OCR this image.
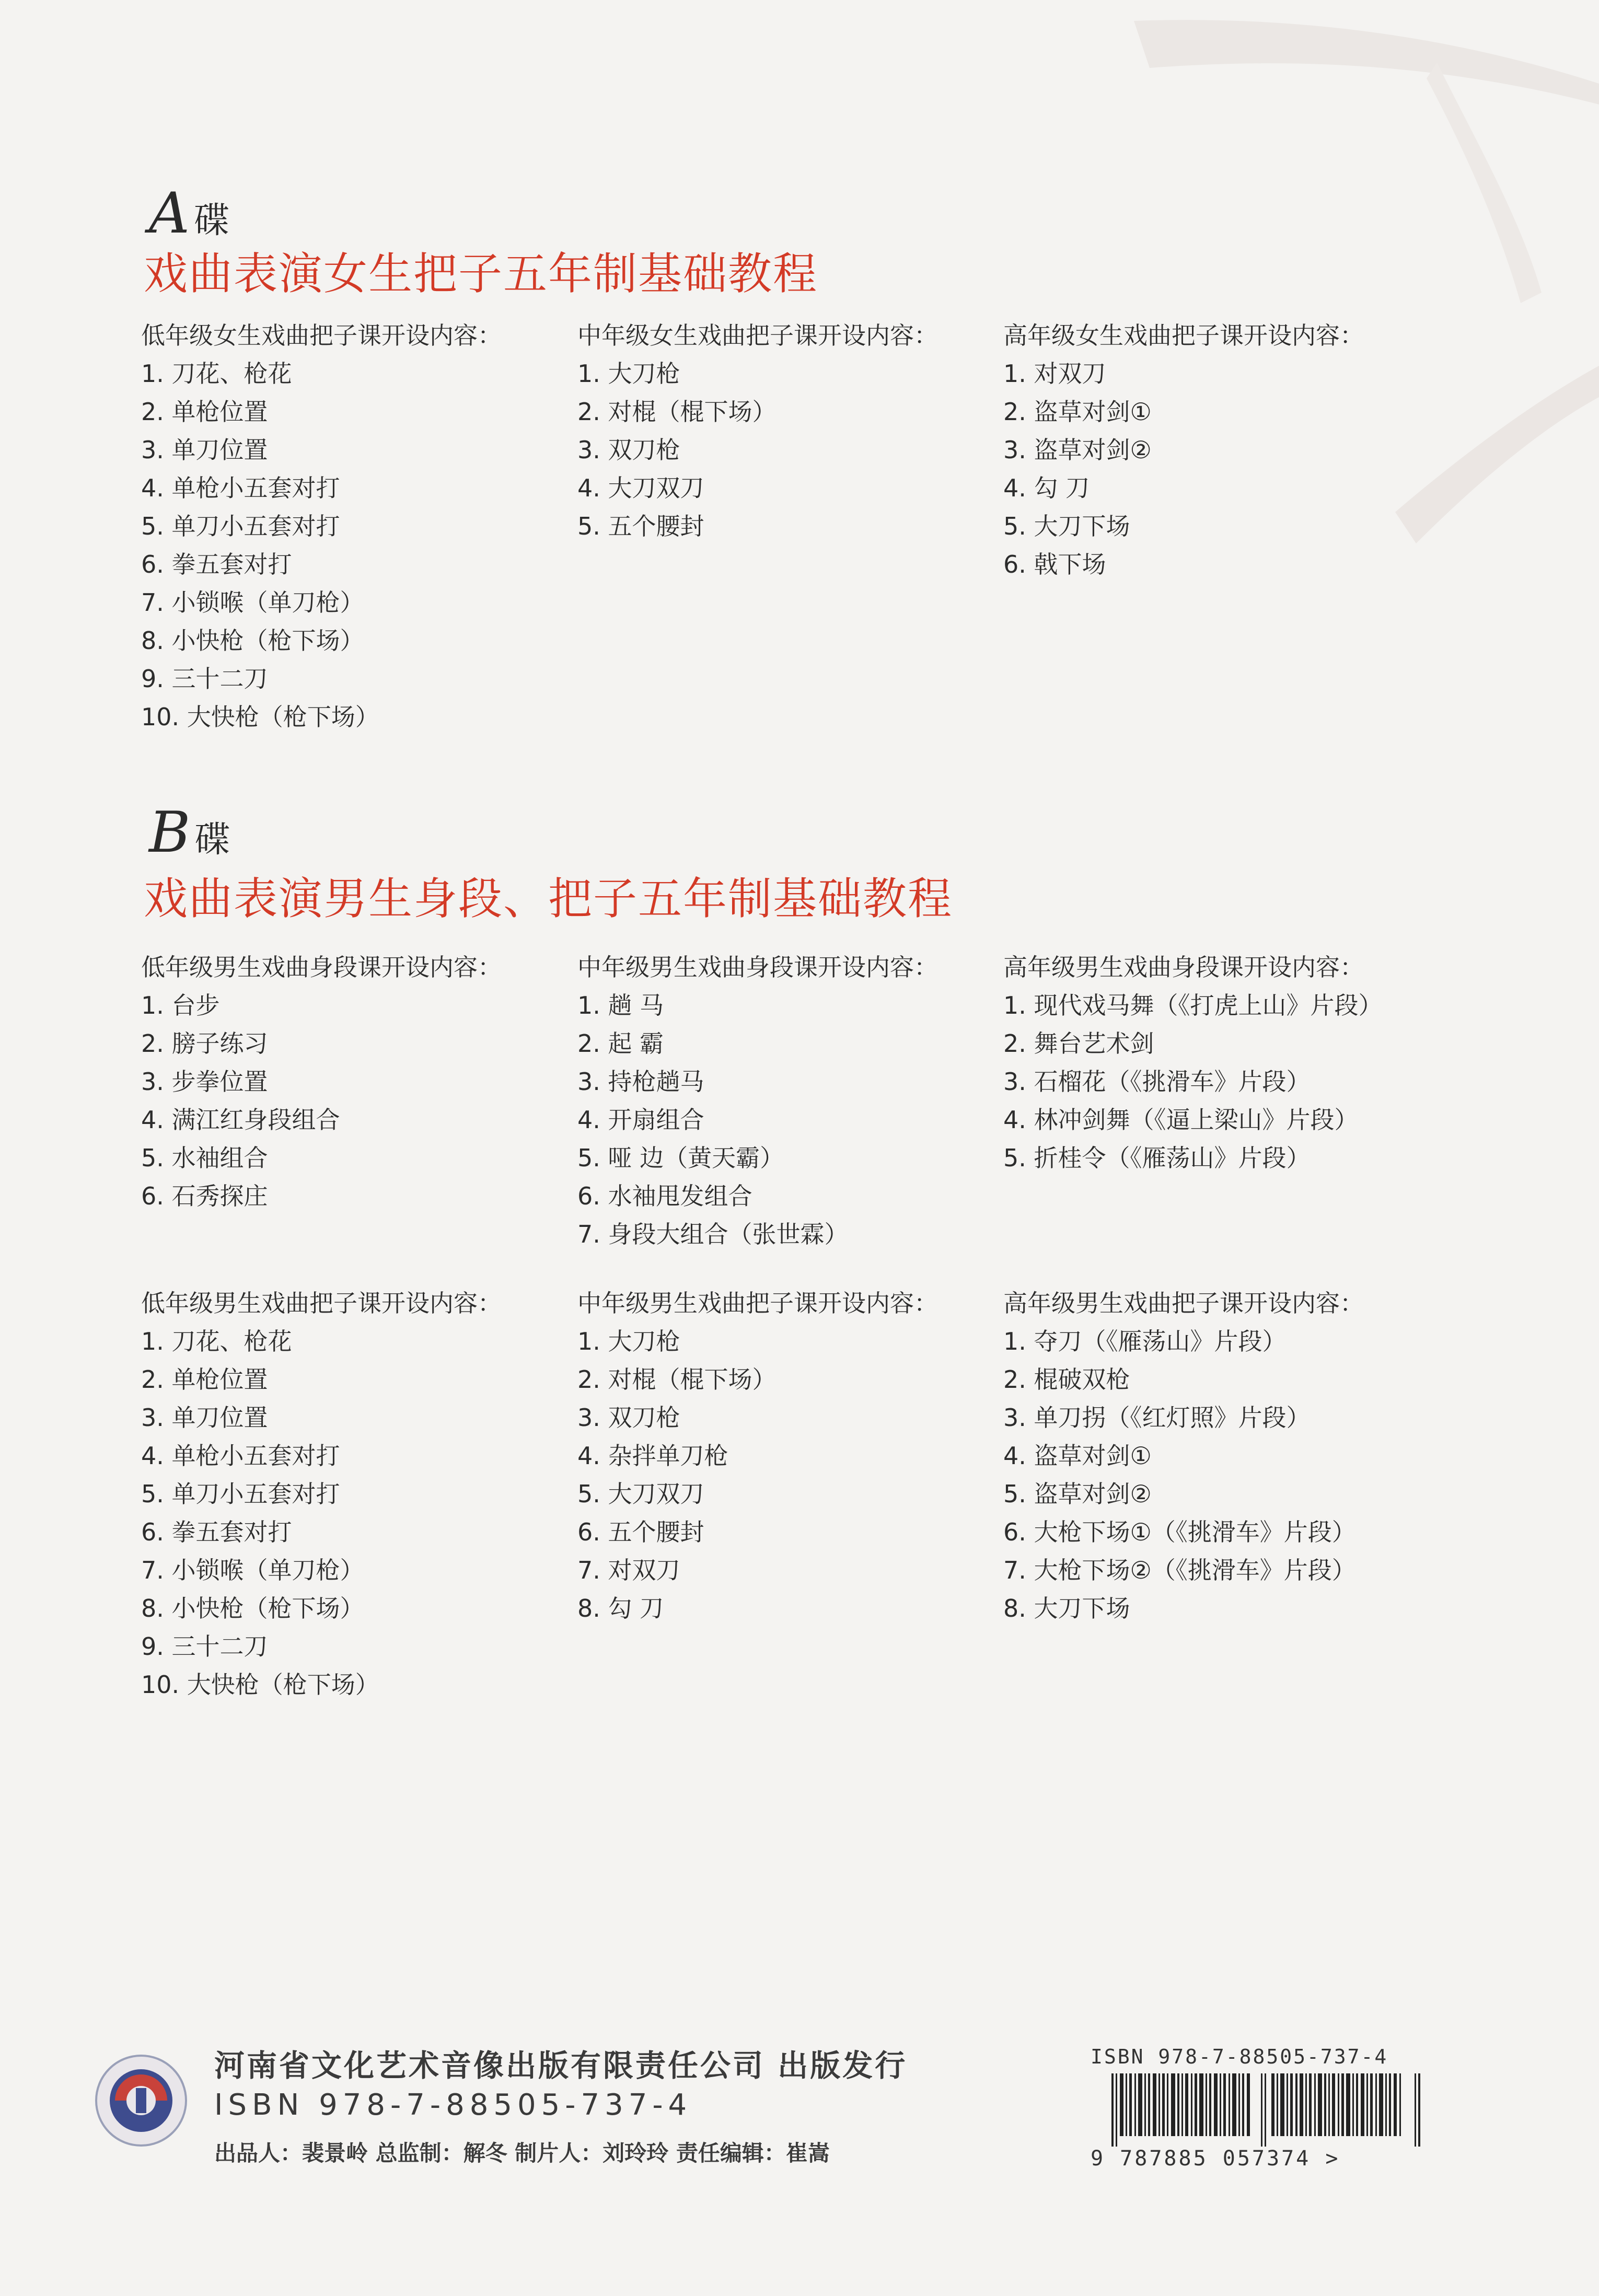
A 碟
戏曲表演女生把子五年制基础教程
低年级女生戏曲把子课开设内容：
1. 刀花、枪花
2. 单枪位置
3. 单刀位置
4. 单枪小五套对打
5. 单刀小五套对打
6. 拳五套对打
7. 小锁喉（单刀枪）
8. 小快枪（枪下场）
9. 三十二刀
10. 大快枪（枪下场）
中年级女生戏曲把子课开设内容：
1. 大刀枪
2. 对棍（棍下场）
3. 双刀枪
4. 大刀双刀
5. 五个腰封
高年级女生戏曲把子课开设内容：
1. 对双刀
2. 盗草对剑①
3. 盗草对剑②
4. 勾 刀
5. 大刀下场
6. 戟下场
B 碟
戏曲表演男生身段、把子五年制基础教程
低年级男生戏曲身段课开设内容：
1. 台步
2. 膀子练习
3. 步拳位置
4. 满江红身段组合
5. 水袖组合
6. 石秀探庄
中年级男生戏曲身段课开设内容：
1. 趟 马
2. 起 霸
3. 持枪趟马
4. 开扇组合
5. 哑 边（黄天霸）
6. 水袖甩发组合
7. 身段大组合（张世霖）
高年级男生戏曲身段课开设内容：
1. 现代戏马舞（《打虎上山》片段）
2. 舞台艺术剑
3. 石榴花（《挑滑车》片段）
4. 林冲剑舞（《逼上梁山》片段）
5. 折桂令（《雁荡山》片段）
低年级男生戏曲把子课开设内容：
1. 刀花、枪花
2. 单枪位置
3. 单刀位置
4. 单枪小五套对打
5. 单刀小五套对打
6. 拳五套对打
7. 小锁喉（单刀枪）
8. 小快枪（枪下场）
9. 三十二刀
10. 大快枪（枪下场）
中年级男生戏曲把子课开设内容：
1. 大刀枪
2. 对棍（棍下场）
3. 双刀枪
4. 杂拌单刀枪
5. 大刀双刀
6. 五个腰封
7. 对双刀
8. 勾 刀
高年级男生戏曲把子课开设内容：
1. 夺刀（《雁荡山》片段）
2. 棍破双枪
3. 单刀拐（《红灯照》片段）
4. 盗草对剑①
5. 盗草对剑②
6. 大枪下场①（《挑滑车》片段）
7. 大枪下场②（《挑滑车》片段）
8. 大刀下场
河南省文化艺术音像出版有限责任公司 出版发行
ISBN 978-7-88505-737-4
出品人：裴景岭 总监制：解冬 制片人：刘玲玲 责任编辑：崔嵩
ISBN 978-7-88505-737-4
9 787885 057374 >
